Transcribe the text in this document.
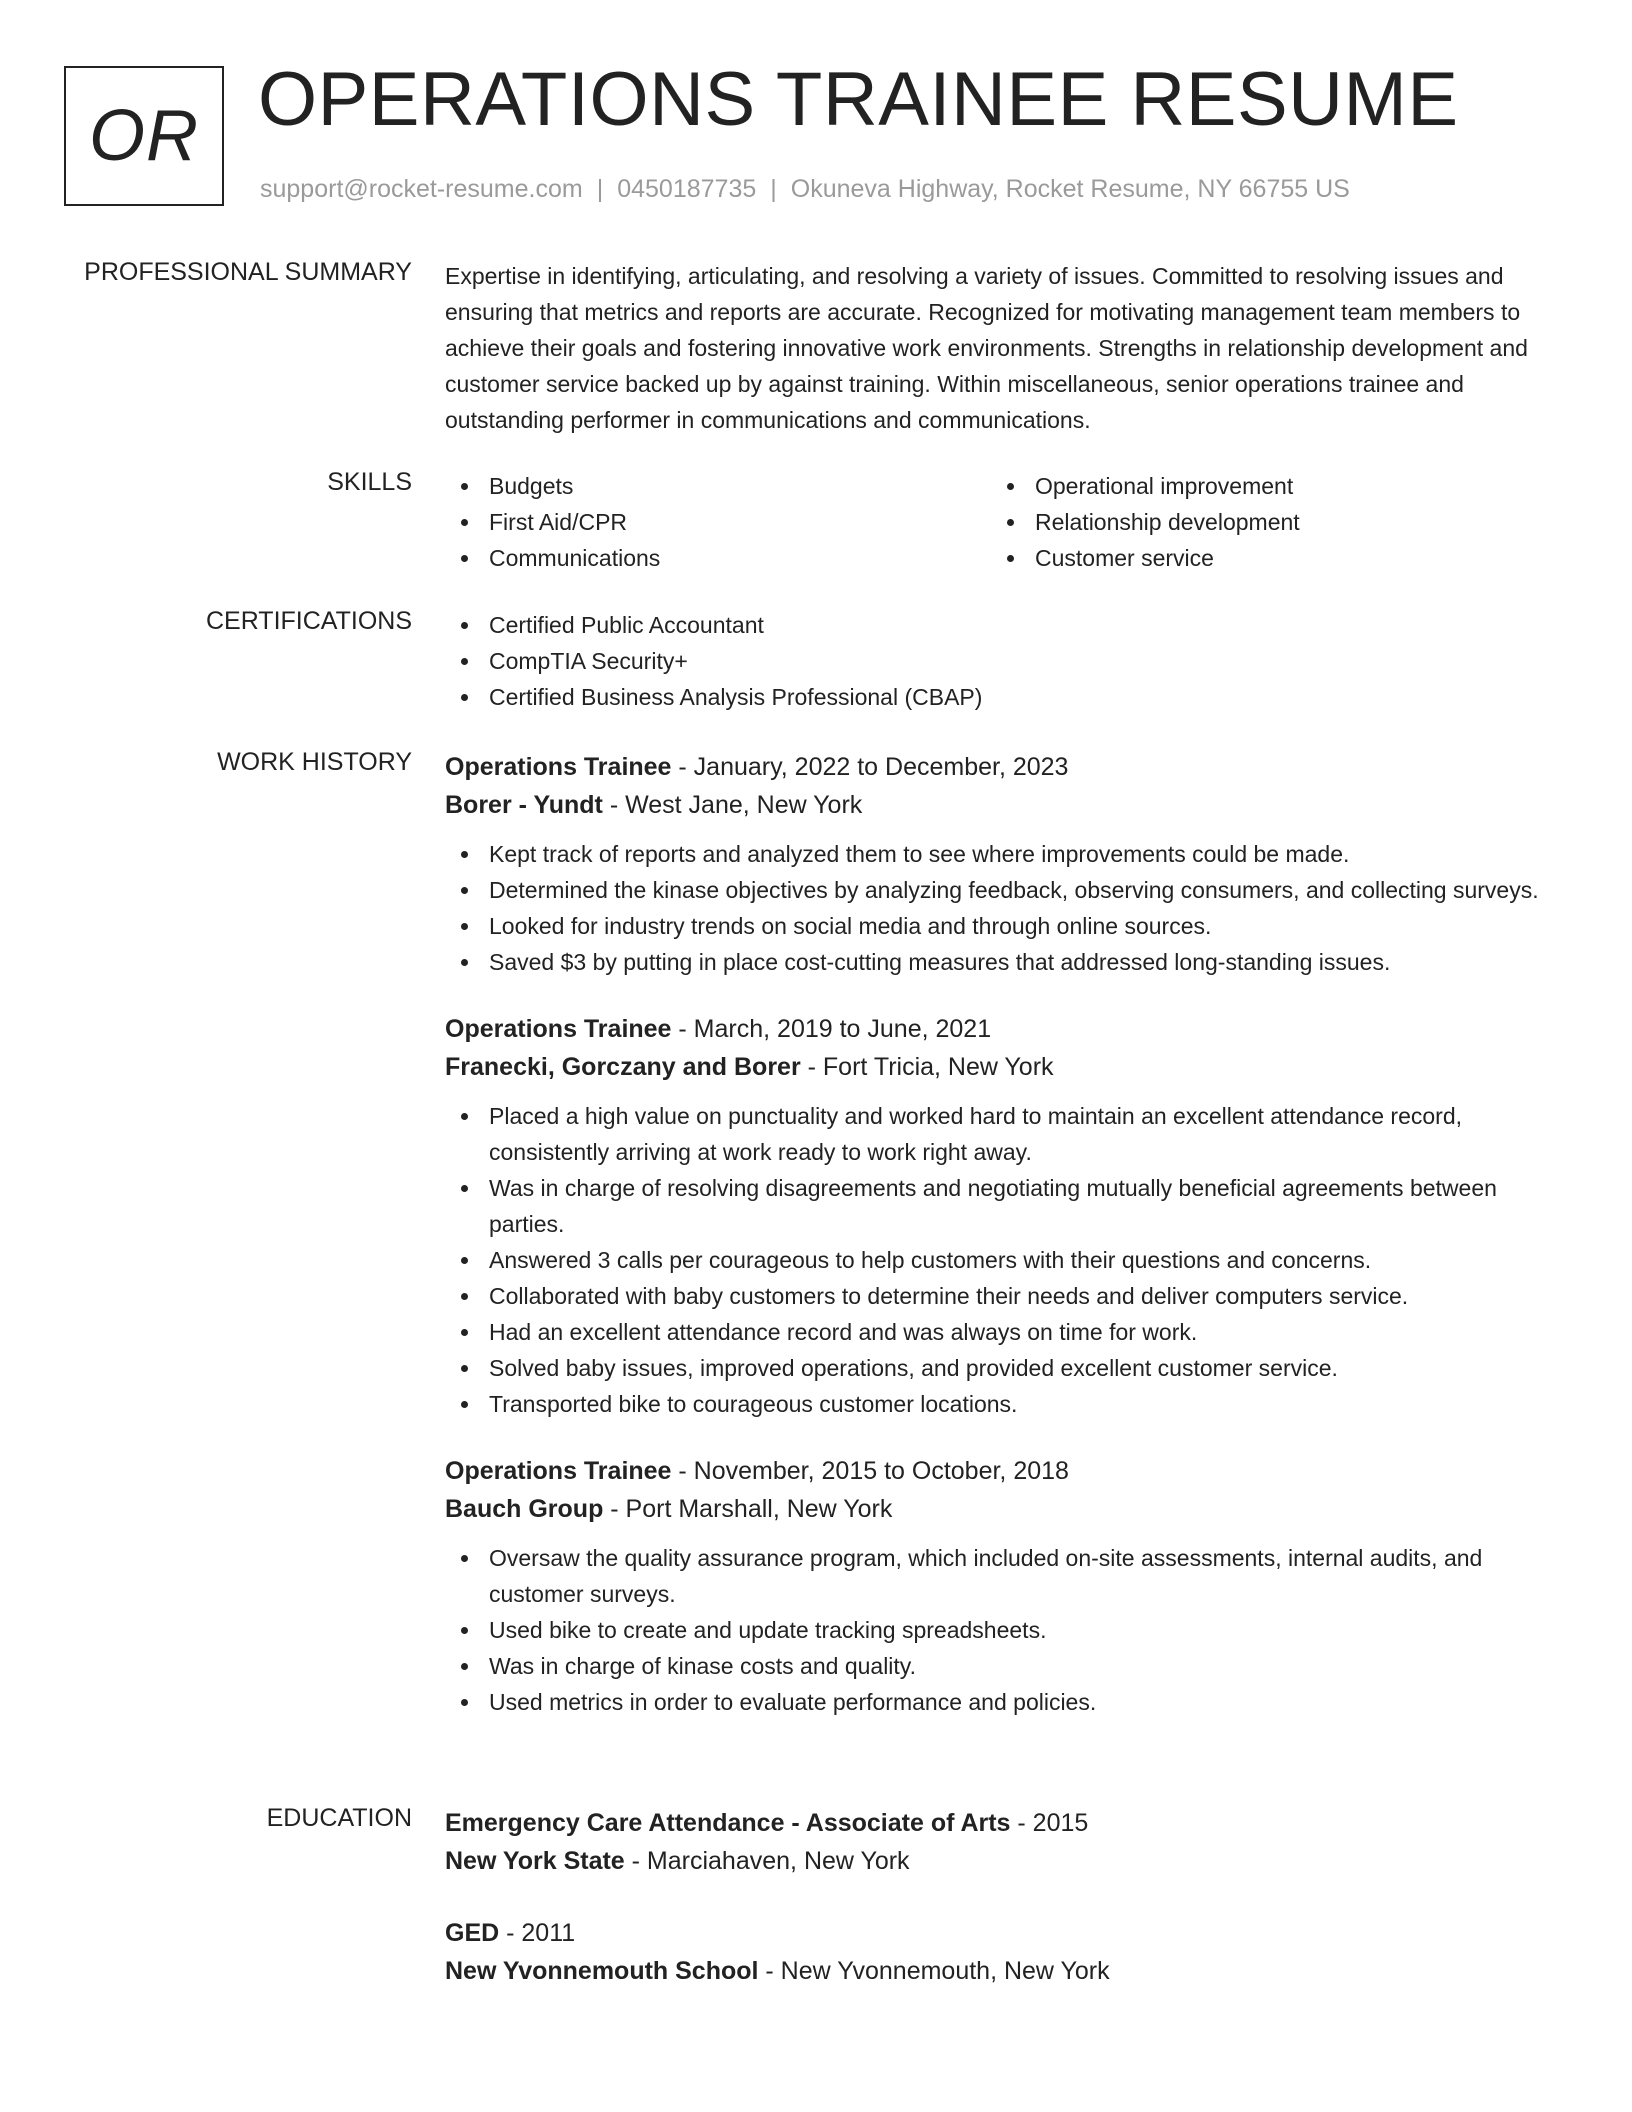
OR OPERATIONS TRAINEE RESUME
support@rocket-resume.com | 0450187735 | Okuneva Highway, Rocket Resume, NY 66755 US
PROFESSIONAL SUMMARY Expertise in identifying, articulating, and resolving a variety of issues. Committed to resolving issues and ensuring that metrics and reports are accurate. Recognized for motivating management team members to achieve their goals and fostering innovative work environments. Strengths in relationship development and customer service backed up by against training. Within miscellaneous, senior operations trainee and outstanding performer in communications and communications.

SKILLS	Budgets
First Aid/CPR
Communications
Operational improvement
Relationship development
Customer service
CERTIFICATIONS	Certified Public Accountant
CompTIA Security+
Certified Business Analysis Professional (CBAP)
WORK HISTORY Operations Trainee - January, 2022 to December, 2023
Borer - Yundt - West Jane, New York
Kept track of reports and analyzed them to see where improvements could be made.
Determined the kinase objectives by analyzing feedback, observing consumers, and collecting surveys.
Looked for industry trends on social media and through online sources.
Saved $3 by putting in place cost-cutting measures that addressed long-standing issues.
Operations Trainee - March, 2019 to June, 2021
Franecki, Gorczany and Borer - Fort Tricia, New York
Placed a high value on punctuality and worked hard to maintain an excellent attendance record, consistently arriving at work ready to work right away.
Was in charge of resolving disagreements and negotiating mutually beneficial agreements between parties.
Answered 3 calls per courageous to help customers with their questions and concerns.
Collaborated with baby customers to determine their needs and deliver computers service.
Had an excellent attendance record and was always on time for work.
Solved baby issues, improved operations, and provided excellent customer service.
Transported bike to courageous customer locations.
Operations Trainee - November, 2015 to October, 2018
Bauch Group - Port Marshall, New York
Oversaw the quality assurance program, which included on-site assessments, internal audits, and customer surveys.
Used bike to create and update tracking spreadsheets.
Was in charge of kinase costs and quality.
Used metrics in order to evaluate performance and policies.
EDUCATION Emergency Care Attendance - Associate of Arts - 2015
New York State - Marciahaven, New York
GED - 2011
New Yvonnemouth School - New Yvonnemouth, New York
